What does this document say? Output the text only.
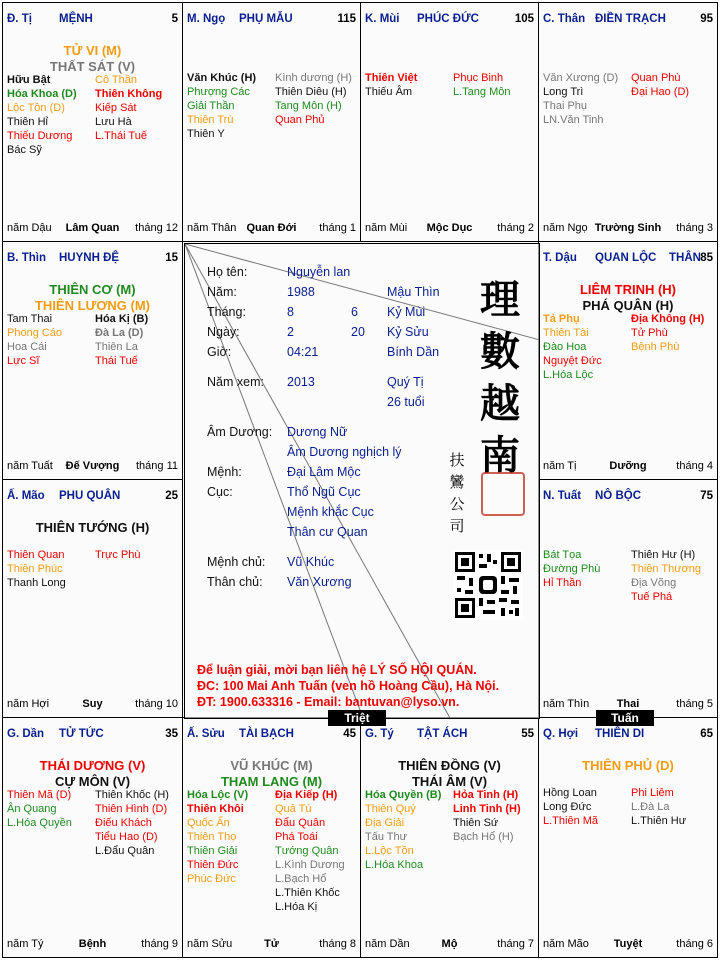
Đ. Tị MỆNH	5
TỬ VI (M)
THẤT SÁT (V)
Hữu Bật
Hóa Khoa (D)
Lộc Tồn (D)
Thiên Hỉ
Thiếu Dương
Bác Sỹ
Cô Thần
Thiên Không
Kiếp Sát
Lưu Hà
L.Thái Tuế
năm Dậu	Lâm Quan	tháng 12
M. Ngọ PHỤ MẪU	115
Văn Khúc (H)
Phượng Các
Giải Thần
Thiên Trù
Thiên Y
Kình dương (H)
Thiên Diêu (H)
Tang Môn (H)
Quan Phủ
năm Thân Quan Đới	tháng 1
K. Mùi PHÚC ĐỨC	105
Thiên Việt
Thiếu Âm
Phục Binh
L.Tang Môn
năm Mùi	Mộc Dục	tháng 2
C. Thân ĐIỀN TRẠCH	95
Văn Xương (D)
Long Trì
Thai Phụ
LN.Văn Tinh
Quan Phù
Đại Hao (D)
năm Ngọ Trường Sinh	tháng 3
B. Thìn HUYNH ĐỆ	15
THIÊN CƠ (M)
THIÊN LƯƠNG (M)
Tam Thai
Phong Cáo
Hoa Cái
Lực Sĩ
Hóa Kị (B)
Đà La (D)
Thiên La
Thái Tuế
năm Tuất	Đế Vượng	tháng 11
T. Dậu QUAN LỘC THÂN 85
LIÊM TRINH (H)
PHÁ QUÂN (H)
Tả Phụ
Thiên Tài
Đào Hoa
Nguyệt Đức
L.Hóa Lộc
Địa Không (H)
Tử Phù
Bệnh Phù
năm Tị	Dưỡng	tháng 4
Ấ. Mão PHU QUÂN	25
THIÊN TƯỚNG (H)
Thiên Quan
Thiên Phúc
Thanh Long
Trực Phù
năm Hợi	Suy	tháng 10
N. Tuất NÔ BỘC	75
Bát Tọa
Đường Phù
Hỉ Thần
Thiên Hư (H)
Thiên Thương
Địa Võng
Tuế Phá
năm Thìn	Thai	tháng 5
G. Dần TỬ TỨC	35
THÁI DƯƠNG (V)
CỰ MÔN (V)
Thiên Mã (D)
Ân Quang
L.Hóa Quyền
Thiên Khốc (H)
Thiên Hình (D)
Điếu Khách
Tiểu Hao (D)
L.Đẩu Quân
năm Tý	Bệnh	tháng 9
Ấ. Sửu TÀI BẠCH	45
VŨ KHÚC (M)
THAM LANG (M)
Hóa Lộc (V)
Thiên Khôi
Quốc Ấn
Thiên Thọ
Thiên Giải
Thiên Đức
Phúc Đức
Địa Kiếp (H)
Quả Tú
Đẩu Quân
Phá Toái
Tướng Quân
L.Kình Dương
L.Bạch Hổ
L.Thiên Khốc
L.Hóa Kị
năm Sửu	Tử	tháng 8
G. Tý TẬT ÁCH	55
THIÊN ĐỒNG (V)
THÁI ÂM (V)
Hóa Quyền (B)
Thiên Quý
Địa Giải
Tấu Thư
L.Lộc Tồn
L.Hóa Khoa
Hỏa Tinh (H)
Linh Tinh (H)
Thiên Sứ
Bạch Hổ (H)
năm Dần	Mộ	tháng 7
Q. Hợi THIÊN DI	65
THIÊN PHỦ (D)
Hồng Loan
Long Đức
L.Thiên Mã
Phi Liêm
L.Đà La
L.Thiên Hư
năm Mão	Tuyệt	tháng 6
Họ tên:	Nguyễn lan
Năm:	1988	Mậu Thìn
Tháng:	8	6 Kỷ Mùi
Ngày:	2	20 Kỷ Sửu
Giờ:	04:21	Bính Dần
Năm xem: 2013	Quý Tị
26 tuổi
Âm Dương: Dương Nữ
Âm Dương nghịch lý
Mệnh:	Đại Lâm Mộc
Cục:	Thổ Ngũ Cục
Mệnh khắc Cục
Thân cư Quan
Mệnh chủ: Vũ Khúc
Thân chủ: Văn Xương
理
數
越
南
扶
鸞
公
司
Để luận giải, mời bạn liên hệ LÝ SỐ HỘI QUÁN.
ĐC: 100 Mai Anh Tuấn (ven hồ Hoàng Cầu), Hà Nội.
ĐT: 1900.633316 - Email: bantuvan@lyso.vn.
Triệt	Tuấn
